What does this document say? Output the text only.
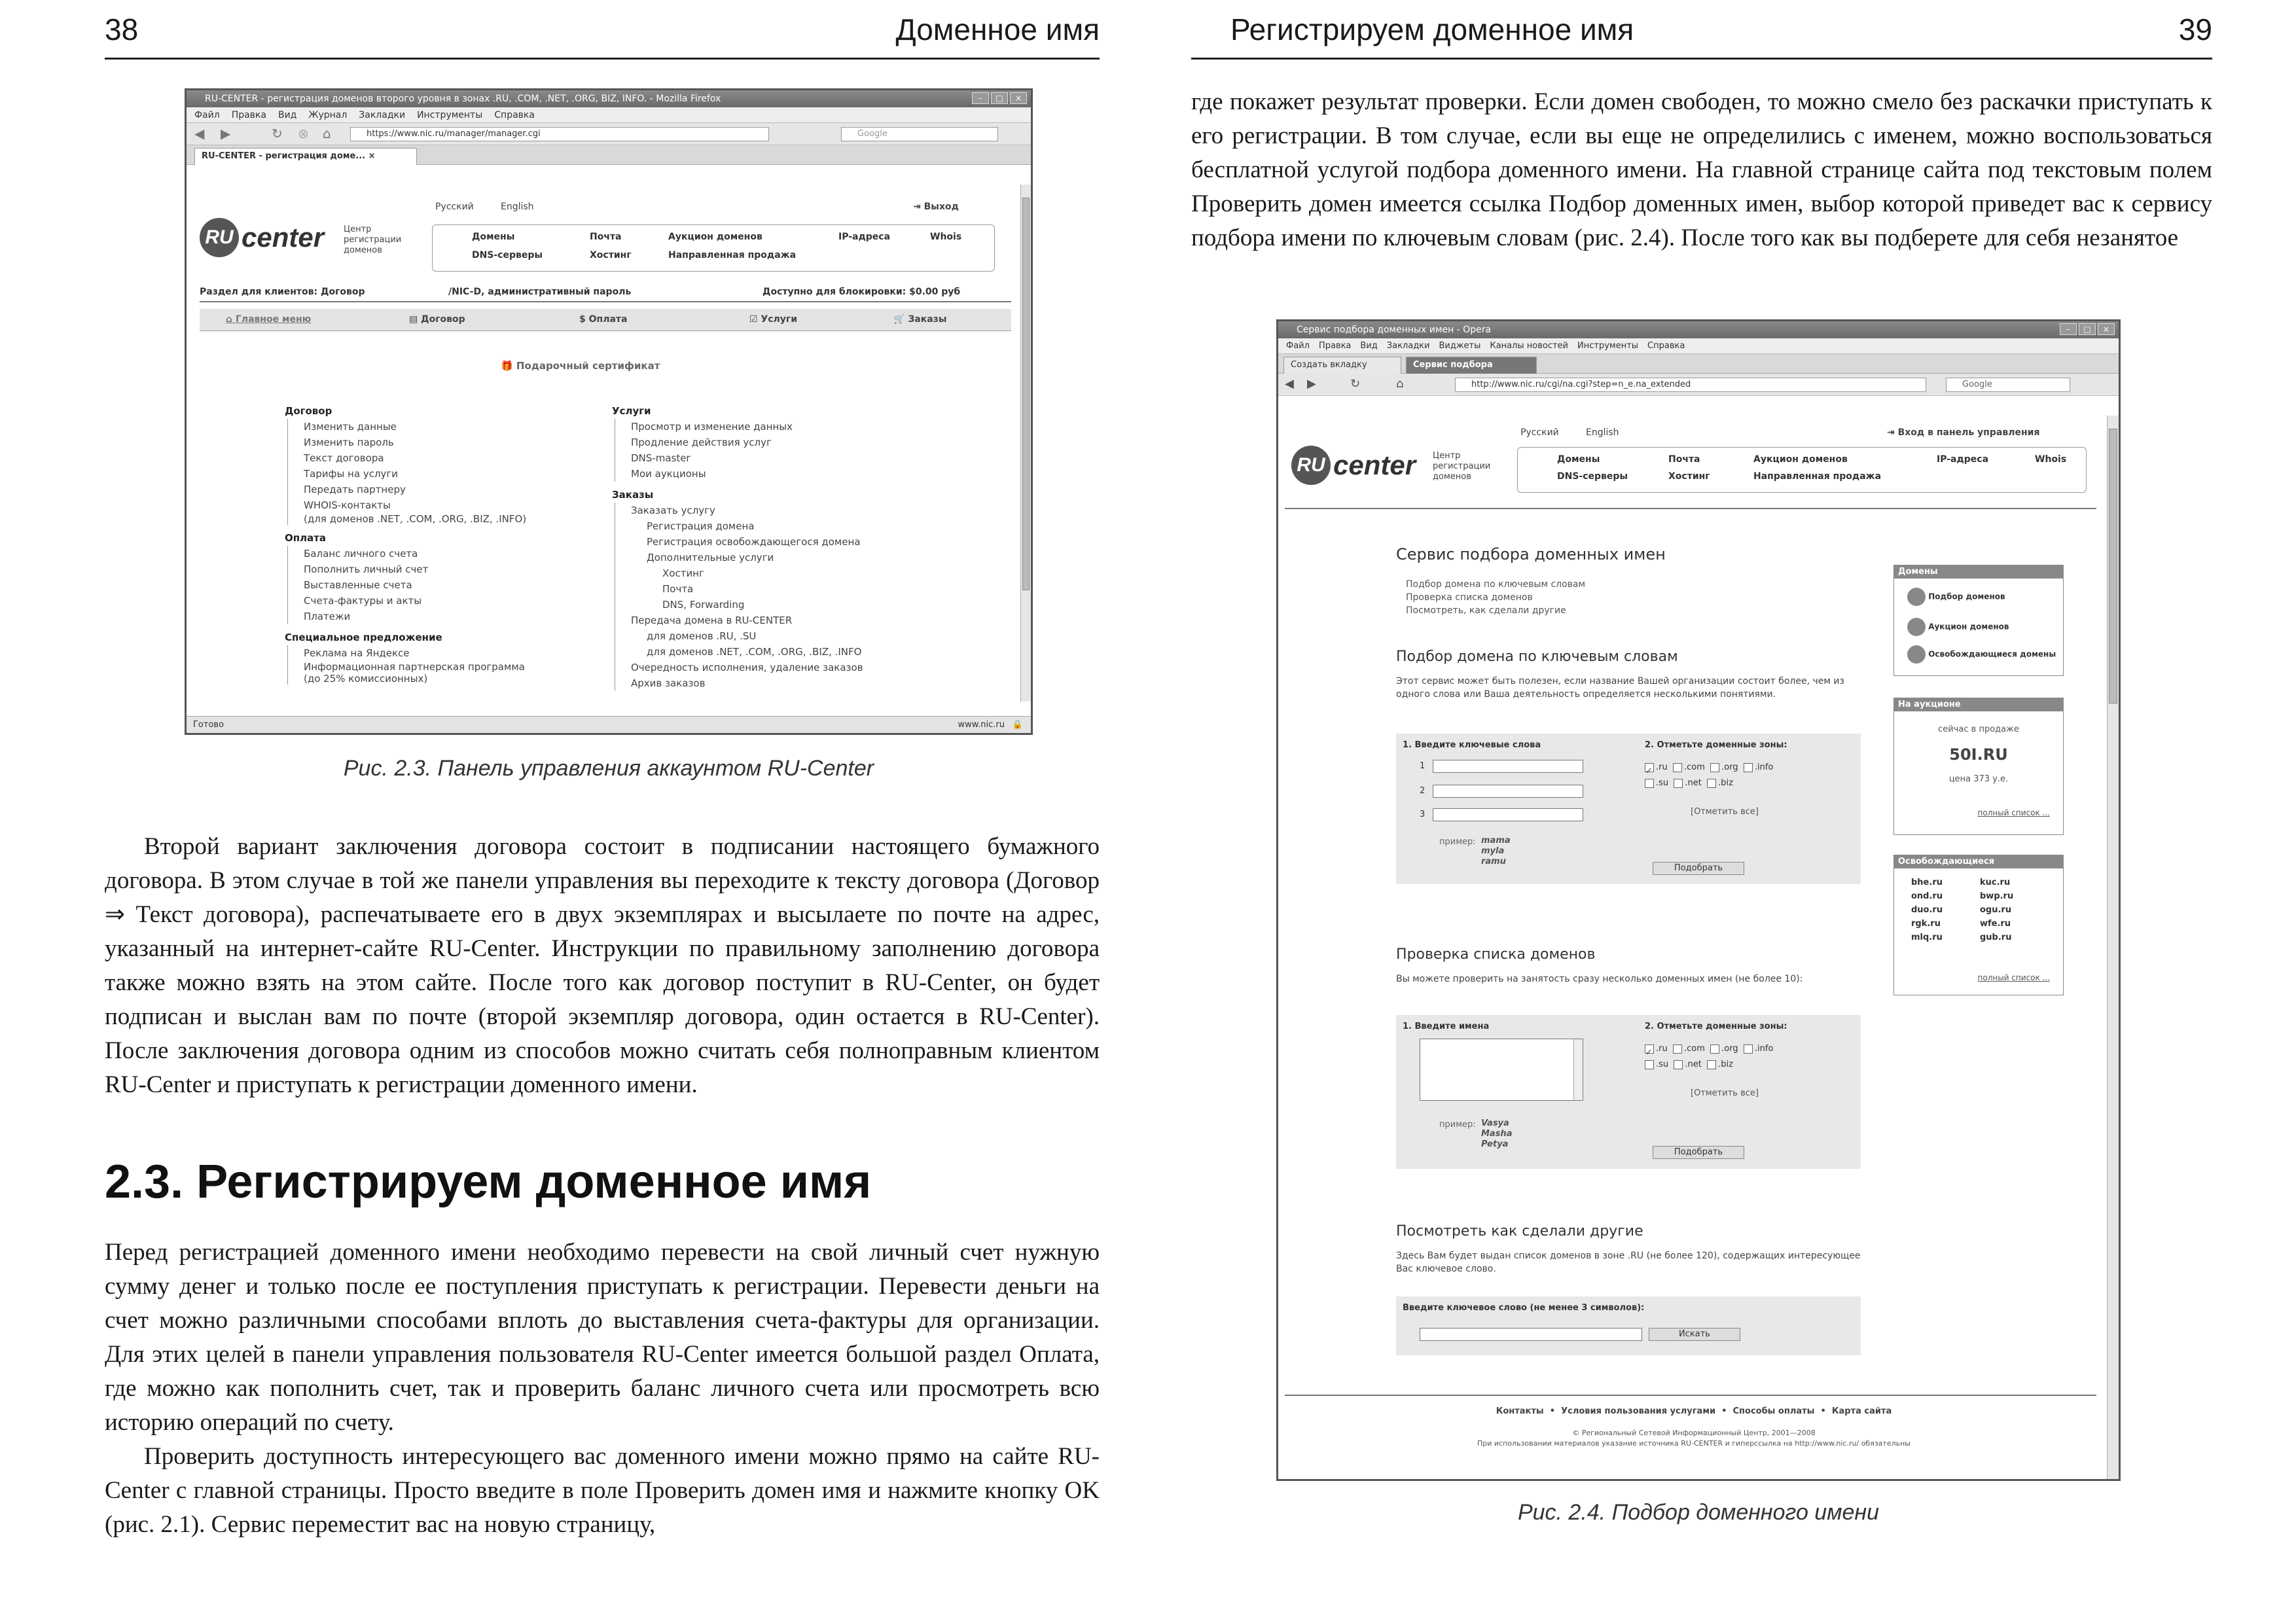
38	Доменное имя
RU-CENTER - регистрация доменов второго уровня в зонах .RU, .COM, .NET, .ORG, BIZ, INFO. - Mozilla Firefox	–	□	×
Файл Правка Вид Журнал Закладки Инструменты Справка
◀ ▶	↻ ⊗ ⌂	https://www.nic.ru/manager/manager.cgi	Google
RU-CENTER - регистрация доме... ×
Русский	English	⇥ Выход
RU center Центр регистрации доменов
Домены	Почта	Аукцион доменов	IP-адреса	Whois
DNS-серверы	Хостинг	Направленная продажа
Раздел для клиентов: Договор	/NIC-D, административный пароль	Доступно для блокировки: $0.00 руб
⌂ Главное меню	▤ Договор	$ Оплата	☑ Услуги	🛒 Заказы
🎁 Подарочный сертификат
Договор
Изменить данные
Изменить пароль
Текст договора
Тарифы на услуги
Передать партнеру
WHOIS-контакты
(для доменов .NET, .COM, .ORG, .BIZ, .INFO)
Оплата
Баланс личного счета
Пополнить личный счет
Выставленные счета
Счета-фактуры и акты
Платежи
Специальное предложение
Реклама на Яндексе
Информационная партнерская программа
(до 25% комиссионных)
Услуги
Просмотр и изменение данных
Продление действия услуг
DNS-master
Мои аукционы
Заказы
Заказать услугу
Регистрация домена
Регистрация освобождающегося домена
Дополнительные услуги
Хостинг
Почта
DNS, Forwarding
Передача домена в RU-CENTER
для доменов .RU, .SU
для доменов .NET, .COM, .ORG, .BIZ, .INFO
Очередность исполнения, удаление заказов
Архив заказов
Готово	www.nic.ru 🔒
Рис. 2.3. Панель управления аккаунтом RU-Center

Второй вариант заключения договора состоит в подписании настоящего бумажного договора. В этом случае в той же панели управления вы переходите к тексту договора (Договор ⇒ Текст договора), распечатываете его в двух экземплярах и высылаете по почте на адрес, указанный на интернет-сайте RU-Center. Инструкции по правильному заполнению договора также можно взять на этом сайте. После того как договор поступит в RU-Center, он будет подписан и выслан вам по почте (второй экземпляр договора, один остается в RU-Center). После заключения договора одним из способов можно считать себя полноправным клиентом RU-Center и приступать к регистрации доменного имени.

2.3. Регистрируем доменное имя

Перед регистрацией доменного имени необходимо перевести на свой личный счет нужную сумму денег и только после ее поступления приступать к регистрации. Перевести деньги на счет можно различными способами вплоть до выставления счета-фактуры для организации. Для этих целей в панели управления пользователя RU-Center имеется большой раздел Оплата, где можно как пополнить счет, так и проверить баланс личного счета или просмотреть всю историю операций по счету.

Проверить доступность интересующего вас доменного имени можно прямо на сайте RU-Center с главной страницы. Просто введите в поле Проверить домен имя и нажмите кнопку OK (рис. 2.1). Сервис переместит вас на новую страницу,

Регистрируем доменное имя	39

где покажет результат проверки. Если домен свободен, то можно смело без раскачки приступать к его регистрации. В том случае, если вы еще не определились с именем, можно воспользоваться бесплатной услугой подбора доменного имени. На главной странице сайта под текстовым полем Проверить домен имеется ссылка Подбор доменных имен, выбор которой приведет вас к сервису подбора имени по ключевым словам (рис. 2.4). После того как вы подберете для себя незанятое

Сервис подбора доменных имен - Opera	–	□	×
Файл Правка Вид Закладки Виджеты Каналы новостей Инструменты Справка
Создать вкладку	Сервис подбора
◀ ▶	↻	⌂	http://www.nic.ru/cgi/na.cgi?step=n_e.na_extended	Google
Русский	English	⇥ Вход в панель управления
RU center Центр регистрации доменов
Домены	Почта	Аукцион доменов	IP-адреса	Whois
DNS-серверы	Хостинг	Направленная продажа
Сервис подбора доменных имен
Подбор домена по ключевым словам
Проверка списка доменов
Посмотреть, как сделали другие
Подбор домена по ключевым словам
Этот сервис может быть полезен, если название Вашей организации состоит более, чем из одного слова или Ваша деятельность определяется несколькими понятиями.
1. Введите ключевые слова
1
2
3
пример: mama myla ramu
2. Отметьте доменные зоны:
✓ .ru .com .org .info
.su .net .biz
[Отметить все]
Подобрать
Проверка списка доменов
Вы можете проверить на занятость сразу несколько доменных имен (не более 10):
1. Введите имена
пример: Vasya Masha Petya
2. Отметьте доменные зоны:
✓ .ru .com .org .info
.su .net .biz
[Отметить все]
Подобрать
Посмотреть как сделали другие
Здесь Вам будет выдан список доменов в зоне .RU (не более 120), содержащих интересующее Вас ключевое слово.
Введите ключевое слово (не менее 3 символов):
Искать
Домены
Подбор доменов
Аукцион доменов
Освобождающиеся домены
На аукционе
сейчас в продаже
50I.RU
цена 373 у.е.
полный список ...
Освобождающиеся
bhe.ru	kuc.ru
ond.ru	bwp.ru
duo.ru	ogu.ru
rgk.ru	wfe.ru
mlq.ru	gub.ru
полный список ...
Контакты  •  Условия пользования услугами  •  Способы оплаты  •  Карта сайта
© Региональный Сетевой Информационный Центр, 2001—2008
При использовании материалов указание источника RU-CENTER и гиперссылка на http://www.nic.ru/ обязательны
Рис. 2.4. Подбор доменного имени
